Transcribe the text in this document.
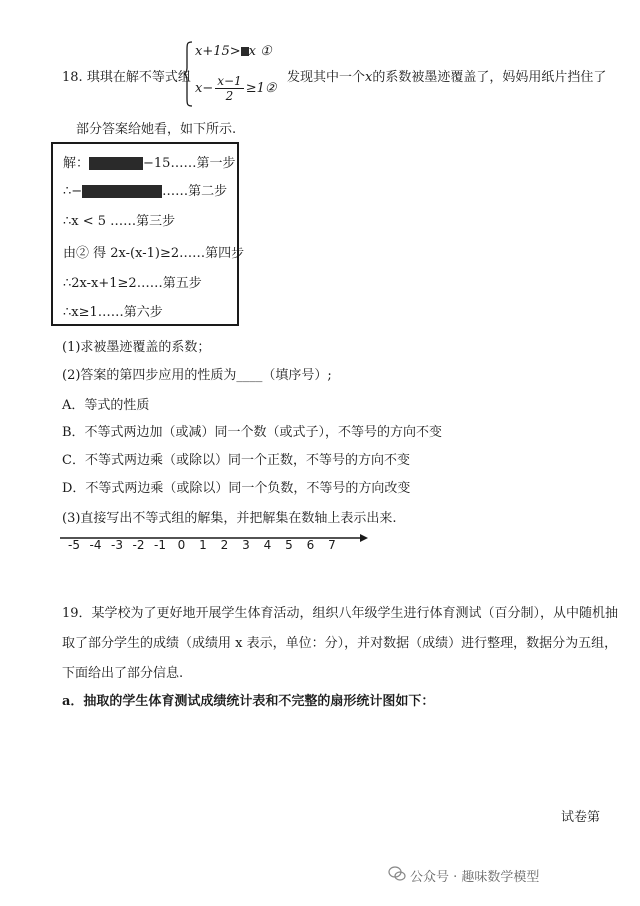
18. 琪琪在解不等式组
x+15> x ①
$x- \frac{x-1}{2}$ ≥1②
发现其中一个x的系数被墨迹覆盖了，妈妈用纸片挡住了
部分答案给她看，如下所示.
解：	−15……第一步
∴−	……第二步
∴x < 5 ……第三步
由② 得 2x-(x-1)≥2……第四步
∴2x-x+1≥2……第五步
∴x≥1……第六步
(1)求被墨迹覆盖的系数；
(2)答案的第四步应用的性质为____（填序号）;
A．等式的性质
B．不等式两边加（或减）同一个数（或式子），不等号的方向不变
C．不等式两边乘（或除以）同一个正数，不等号的方向不变
D．不等式两边乘（或除以）同一个负数，不等号的方向改变
(3)直接写出不等式组的解集，并把解集在数轴上表示出来.
-5 -4 -3 -2 -1 0 1 2 3 4 5 6 7
19．某学校为了更好地开展学生体育活动，组织八年级学生进行体育测试（百分制），从中随机抽
取了部分学生的成绩（成绩用 x 表示，单位：分），并对数据（成绩）进行整理，数据分为五组，
下面给出了部分信息.
a．抽取的学生体育测试成绩统计表和不完整的扇形统计图如下：
试卷第
公众号 · 趣味数学模型
